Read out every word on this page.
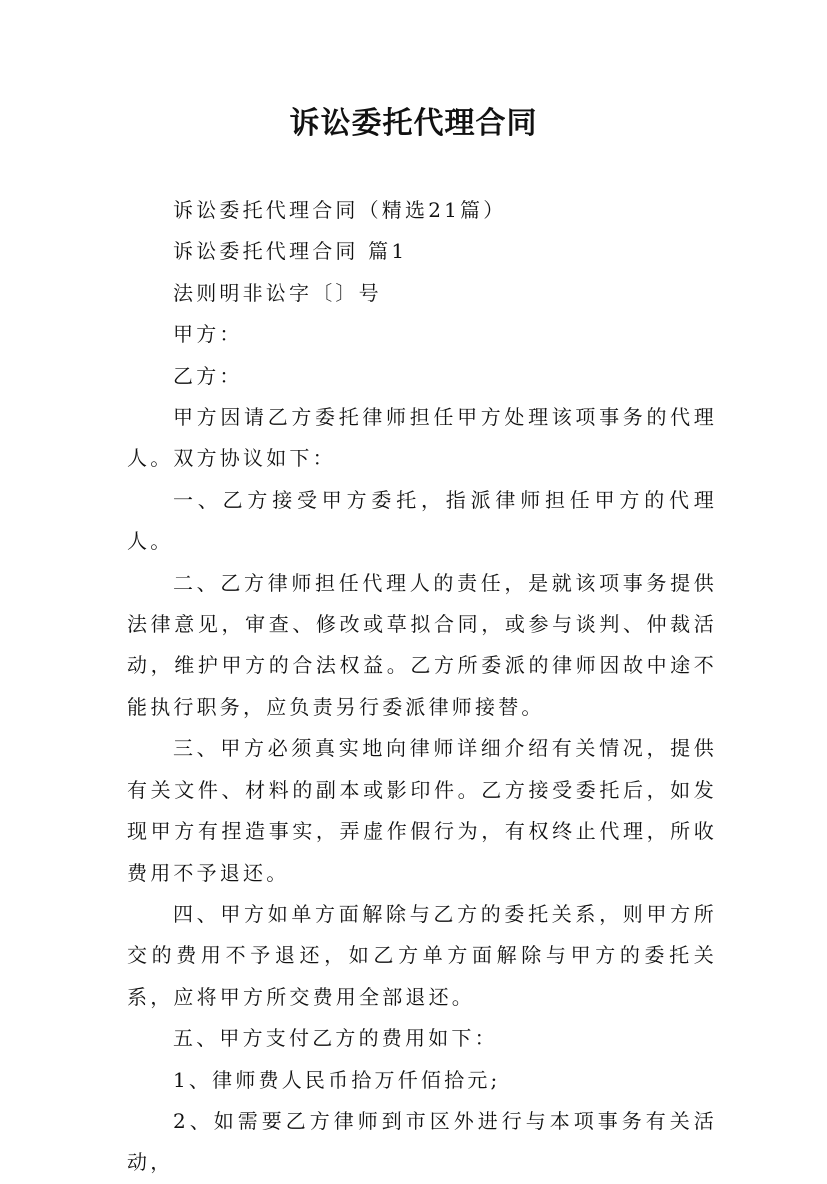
诉讼委托代理合同

诉讼委托代理合同（精选21篇）

诉讼委托代理合同 篇1

法则明非讼字〔〕号

甲方：

乙方：

甲方因请乙方委托律师担任甲方处理该项事务的代理人。双方协议如下：

一、乙方接受甲方委托，指派律师担任甲方的代理人。

二、乙方律师担任代理人的责任，是就该项事务提供法律意见，审查、修改或草拟合同，或参与谈判、仲裁活动，维护甲方的合法权益。乙方所委派的律师因故中途不能执行职务，应负责另行委派律师接替。

三、甲方必须真实地向律师详细介绍有关情况，提供有关文件、材料的副本或影印件。乙方接受委托后，如发现甲方有捏造事实，弄虚作假行为，有权终止代理，所收费用不予退还。

四、甲方如单方面解除与乙方的委托关系，则甲方所交的费用不予退还，如乙方单方面解除与甲方的委托关系，应将甲方所交费用全部退还。

五、甲方支付乙方的费用如下：

1、律师费人民币拾万仟佰拾元;

2、如需要乙方律师到市区外进行与本项事务有关活动，
